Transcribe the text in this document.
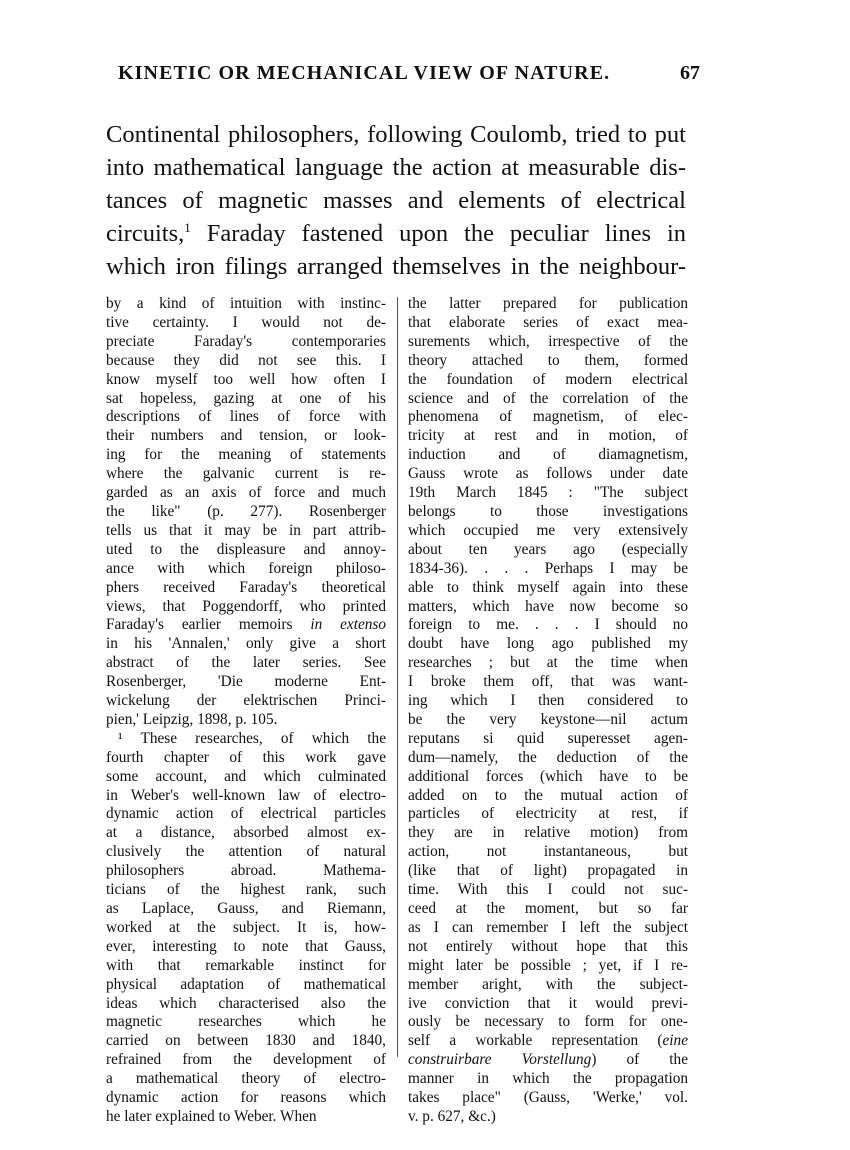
KINETIC OR MECHANICAL VIEW OF NATURE.	67
Continental philosophers, following Coulomb, tried to put
into mathematical language the action at measurable dis-
tances of magnetic masses and elements of electrical
circuits,$^1$ Faraday fastened upon the peculiar lines in
which iron filings arranged themselves in the neighbour-
by a kind of intuition with instinc-
tive certainty. I would not de-
preciate Faraday's contemporaries
because they did not see this. I
know myself too well how often I
sat hopeless, gazing at one of his
descriptions of lines of force with
their numbers and tension, or look-
ing for the meaning of statements
where the galvanic current is re-
garded as an axis of force and much
the like" (p. 277). Rosenberger
tells us that it may be in part attrib-
uted to the displeasure and annoy-
ance with which foreign philoso-
phers received Faraday's theoretical
views, that Poggendorff, who printed
Faraday's earlier memoirs in extenso
in his 'Annalen,' only give a short
abstract of the later series. See
Rosenberger, 'Die moderne Ent-
wickelung der elektrischen Princi-
pien,' Leipzig, 1898, p. 105.
¹ These researches, of which the
fourth chapter of this work gave
some account, and which culminated
in Weber's well-known law of electro-
dynamic action of electrical particles
at a distance, absorbed almost ex-
clusively the attention of natural
philosophers abroad. Mathema-
ticians of the highest rank, such
as Laplace, Gauss, and Riemann,
worked at the subject. It is, how-
ever, interesting to note that Gauss,
with that remarkable instinct for
physical adaptation of mathematical
ideas which characterised also the
magnetic researches which he
carried on between 1830 and 1840,
refrained from the development of
a mathematical theory of electro-
dynamic action for reasons which
he later explained to Weber. When
the latter prepared for publication
that elaborate series of exact mea-
surements which, irrespective of the
theory attached to them, formed
the foundation of modern electrical
science and of the correlation of the
phenomena of magnetism, of elec-
tricity at rest and in motion, of
induction and of diamagnetism,
Gauss wrote as follows under date
19th March 1845 : "The subject
belongs to those investigations
which occupied me very extensively
about ten years ago (especially
1834-36). . . . Perhaps I may be
able to think myself again into these
matters, which have now become so
foreign to me. . . . I should no
doubt have long ago published my
researches ; but at the time when
I broke them off, that was want-
ing which I then considered to
be the very keystone—nil actum
reputans si quid superesset agen-
dum—namely, the deduction of the
additional forces (which have to be
added on to the mutual action of
particles of electricity at rest, if
they are in relative motion) from
action, not instantaneous, but
(like that of light) propagated in
time. With this I could not suc-
ceed at the moment, but so far
as I can remember I left the subject
not entirely without hope that this
might later be possible ; yet, if I re-
member aright, with the subject-
ive conviction that it would previ-
ously be necessary to form for one-
self a workable representation (eine
construirbare Vorstellung) of the
manner in which the propagation
takes place" (Gauss, 'Werke,' vol.
v. p. 627, &c.)
